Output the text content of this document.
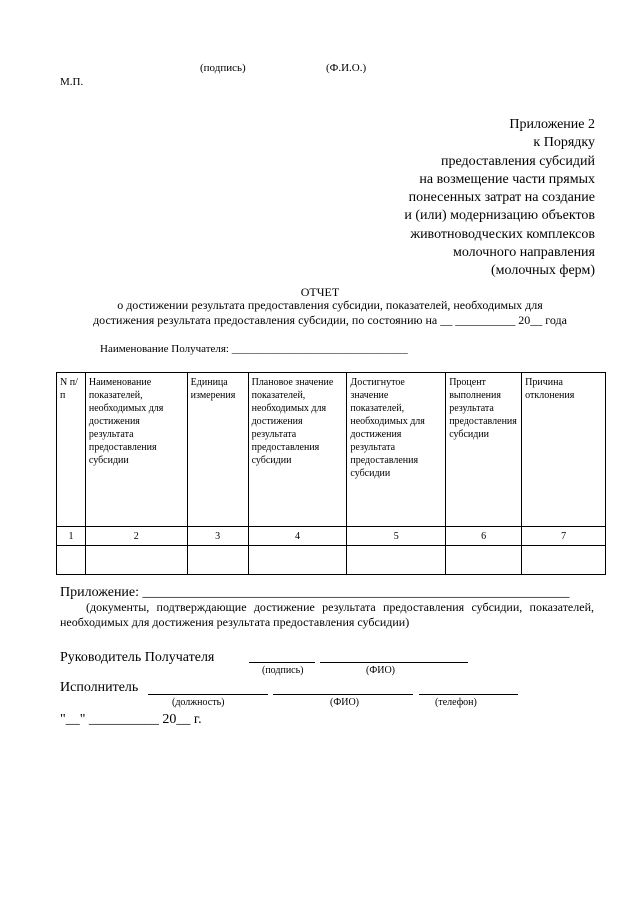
(подпись)	(Ф.И.О.)
М.П.
Приложение 2
к Порядку
предоставления субсидий
на возмещение части прямых
понесенных затрат на создание
и (или) модернизацию объектов
животноводческих комплексов
молочного направления
(молочных ферм)
ОТЧЕТ
о достижении результата предоставления субсидии, показателей, необходимых для
достижения результата предоставления субсидии, по состоянию на __ __________ 20__ года
Наименование Получателя: ________________________________
N п/п	Наименование показателей, необходимых для достижения результата предоставления субсидии	Единица измерения	Плановое значение показателей, необходимых для достижения результата предоставления субсидии	Достигнутое значение показателей, необходимых для достижения результата предоставления субсидии	Процент выполнения результата предоставления субсидии	Причина отклонения
1	2	3	4	5	6	7

Приложение: _____________________________________________________________
(документы, подтверждающие достижение результата предоставления субсидии, показателей, необходимых для достижения результата предоставления субсидии)
Руководитель Получателя
(подпись)	(ФИО)
Исполнитель
(должность)	(ФИО)	(телефон)
"__" __________ 20__ г.
